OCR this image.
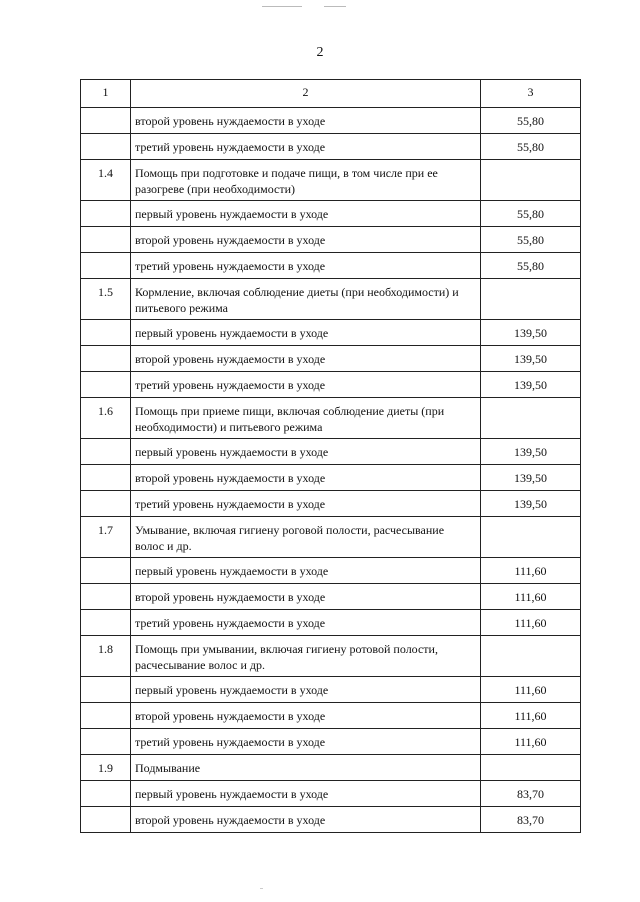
2
1	2	3
	второй уровень нуждаемости в уходе	55,80
	третий уровень нуждаемости в уходе	55,80
1.4	Помощь при подготовке и подаче пищи, в том числе при ее разогреве (при необходимости)	
	первый уровень нуждаемости в уходе	55,80
	второй уровень нуждаемости в уходе	55,80
	третий уровень нуждаемости в уходе	55,80
1.5	Кормление, включая соблюдение диеты (при необходимости) и питьевого режима	
	первый уровень нуждаемости в уходе	139,50
	второй уровень нуждаемости в уходе	139,50
	третий уровень нуждаемости в уходе	139,50
1.6	Помощь при приеме пищи, включая соблюдение диеты (при необходимости) и питьевого режима	
	первый уровень нуждаемости в уходе	139,50
	второй уровень нуждаемости в уходе	139,50
	третий уровень нуждаемости в уходе	139,50
1.7	Умывание, включая гигиену роговой полости, расчесывание волос и др.	
	первый уровень нуждаемости в уходе	111,60
	второй уровень нуждаемости в уходе	111,60
	третий уровень нуждаемости в уходе	111,60
1.8	Помощь при умывании, включая гигиену ротовой полости, расчесывание волос и др.	
	первый уровень нуждаемости в уходе	111,60
	второй уровень нуждаемости в уходе	111,60
	третий уровень нуждаемости в уходе	111,60
1.9	Подмывание	
	первый уровень нуждаемости в уходе	83,70
	второй уровень нуждаемости в уходе	83,70
